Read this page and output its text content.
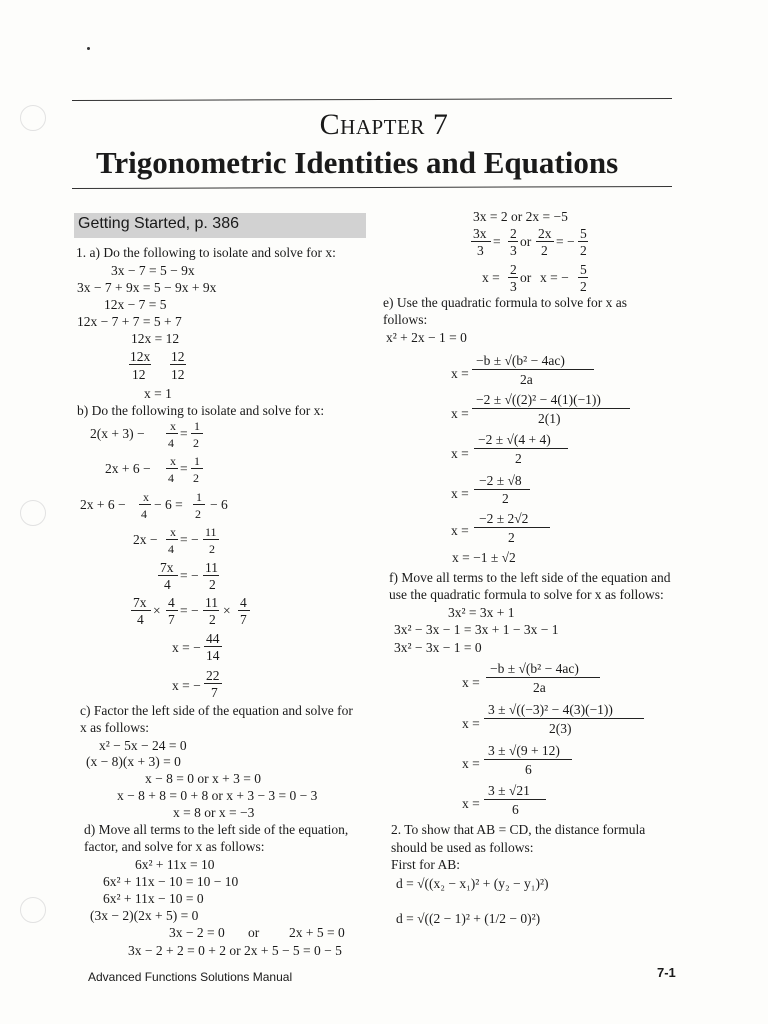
Chapter 7
Trigonometric Identities and Equations
Getting Started, p. 386
1. a) Do the following to isolate and solve for x:
3x − 7 = 5 − 9x
3x − 7 + 9x = 5 − 9x + 9x
12x − 7 = 5
12x − 7 + 7 = 5 + 7
12x = 12
12x
12
12
12
x = 1
b) Do the following to isolate and solve for x:
2(x + 3) − x
4
= 1
2
2x + 6 − x
4
= 1
2
2x + 6 − x
4
− 6 = 1
2
− 6
2x − x
4
= − 11
2
7x
4
= −
11
2
7x
4
×
4
7
= −
11
2
×
4
7
x = −
44
14
x = −
22
7
c) Factor the left side of the equation and solve for
x as follows:
x² − 5x − 24 = 0
(x − 8)(x + 3) = 0
x − 8 = 0 or x + 3 = 0
x − 8 + 8 = 0 + 8 or x + 3 − 3 = 0 − 3
x = 8 or x = −3
d) Move all terms to the left side of the equation,
factor, and solve for x as follows:
6x² + 11x = 10
6x² + 11x − 10 = 10 − 10
6x² + 11x − 10 = 0
(3x − 2)(2x + 5) = 0
3x − 2 = 0 or 2x + 5 = 0
3x − 2 + 2 = 0 + 2 or 2x + 5 − 5 = 0 − 5
3x = 2 or 2x = −5
3x
3
=
2
3
or
2x
2
= −
5
2
x =
2
3
or x = −
5
2
e) Use the quadratic formula to solve for x as
follows:
x² + 2x − 1 = 0
x =
−b ± √(b² − 4ac)
2a
x =
−2 ± √((2)² − 4(1)(−1))
2(1)
x =
−2 ± √(4 + 4)
2
x =
−2 ± √8
2
x =
−2 ± 2√2
2
x = −1 ± √2
f) Move all terms to the left side of the equation and
use the quadratic formula to solve for x as follows:
3x² = 3x + 1
3x² − 3x − 1 = 3x + 1 − 3x − 1
3x² − 3x − 1 = 0
x =
−b ± √(b² − 4ac)
2a
x =
3 ± √((−3)² − 4(3)(−1))
2(3)
x =
3 ± √(9 + 12)
6
x =
3 ± √21
6
2. To show that AB = CD, the distance formula
should be used as follows:
First for AB:
d = √((x₂ − x₁)² + (y₂ − y₁)²)
d = √((2 − 1)² + (1/2 − 0)²)
Advanced Functions Solutions Manual	7-1
